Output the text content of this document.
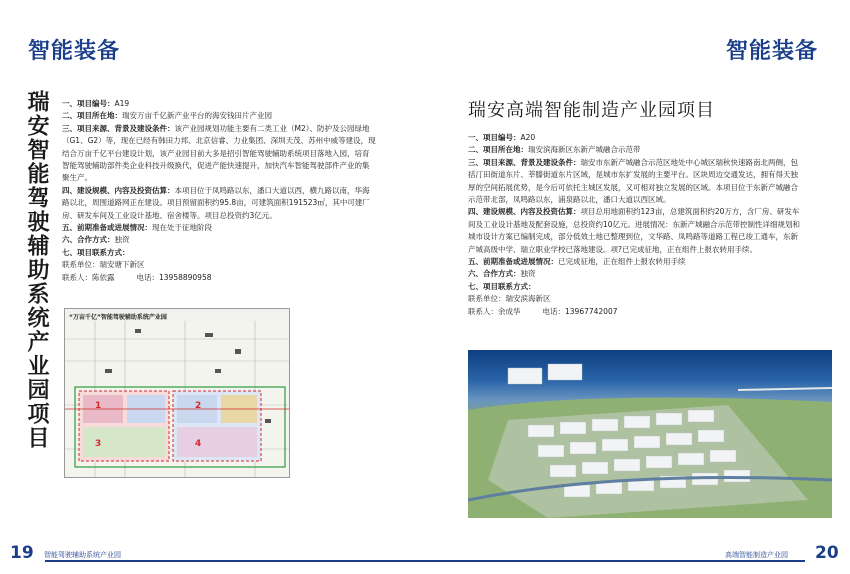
智能装备
瑞安智能驾驶辅助系统产业园项目 一、项目编号：A19

二、项目所在地：瑞安万亩千亿新产业平台的海安钱田片产业园

三、项目来源、背景及建设条件：该产业园规划功能主要有二类工业（M2）、防护及公园绿地

（G1、G2）等，现在已经有韩田力邦、北京信睿、力业集团、深圳天茂、苏州中威等建设，现

结合万亩千亿平台建设计划，该产业园目前大多是招引智能驾驶辅助系统项目落地入园，培育

智能驾驶辅助部件类企业科技升级换代，促进产能快速提升，加快汽车智能驾驶部件产业的集

聚生产。

四、建设规模、内容及投资估算：本项目位于凤鸣路以东，潘口大道以西，横九路以南，华海

路以北，周围道路网正在建设。项目预留面积约95.8亩，可建筑面积191523㎡，其中可建厂

房、研发车间及工业设计基地、宿舍楼等。项目总投资约3亿元。

五、前期准备或进展情况：现在处于征地阶段

六、合作方式：独资

七、项目联系方式：

联系单位：瑞安塘下新区

联系人：陈依露	电话：13958890958

“万亩千亿”智能驾驶辅助系统产业园
1	2
3	4
19 智能驾驶辅助系统产业园
智能装备
瑞安高端智能制造产业园项目

一、项目编号：A20

二、项目所在地：瑞安滨海新区东新产城融合示范带

三、项目来源、背景及建设条件：瑞安市东新产城融合示范区地处中心城区瑞秋快速路南北两侧，包

括汀田街道东片、莘滕街道东片区域，是城市东扩发展的主要平台。区块周边交通发达，拥有得天独

厚的空间拓展优势，是今后可依托主城区发展，又可相对独立发展的区域。本项目位于东新产城融合

示范带北部，凤鸣路以东，浦泉路以北，潘口大道以西区域。

四、建设规模、内容及投资估算：项目总用地面积约123亩，总建筑面积约20万方，含厂房、研发车

间及工业设计基地及配套设施，总投资约10亿元。进展情况：东新产城融合示范带控制性详细规划和

城市设计方案已编制完成，部分低效土地已整理到位，文华路、凤鸣路等道路工程已竣工通车，东新

产城高级中学、瑞立职业学校已落地建设。项?已完成征地，正在组件上报农转用手续。

五、前期准备或进展情况：已完成征地，正在组件上报农转用手续

六、合作方式：独资

七、项目联系方式：

联系单位：瑞安滨海新区

联系人：余成华	电话：13967742007

高端智能制造产业园 20
